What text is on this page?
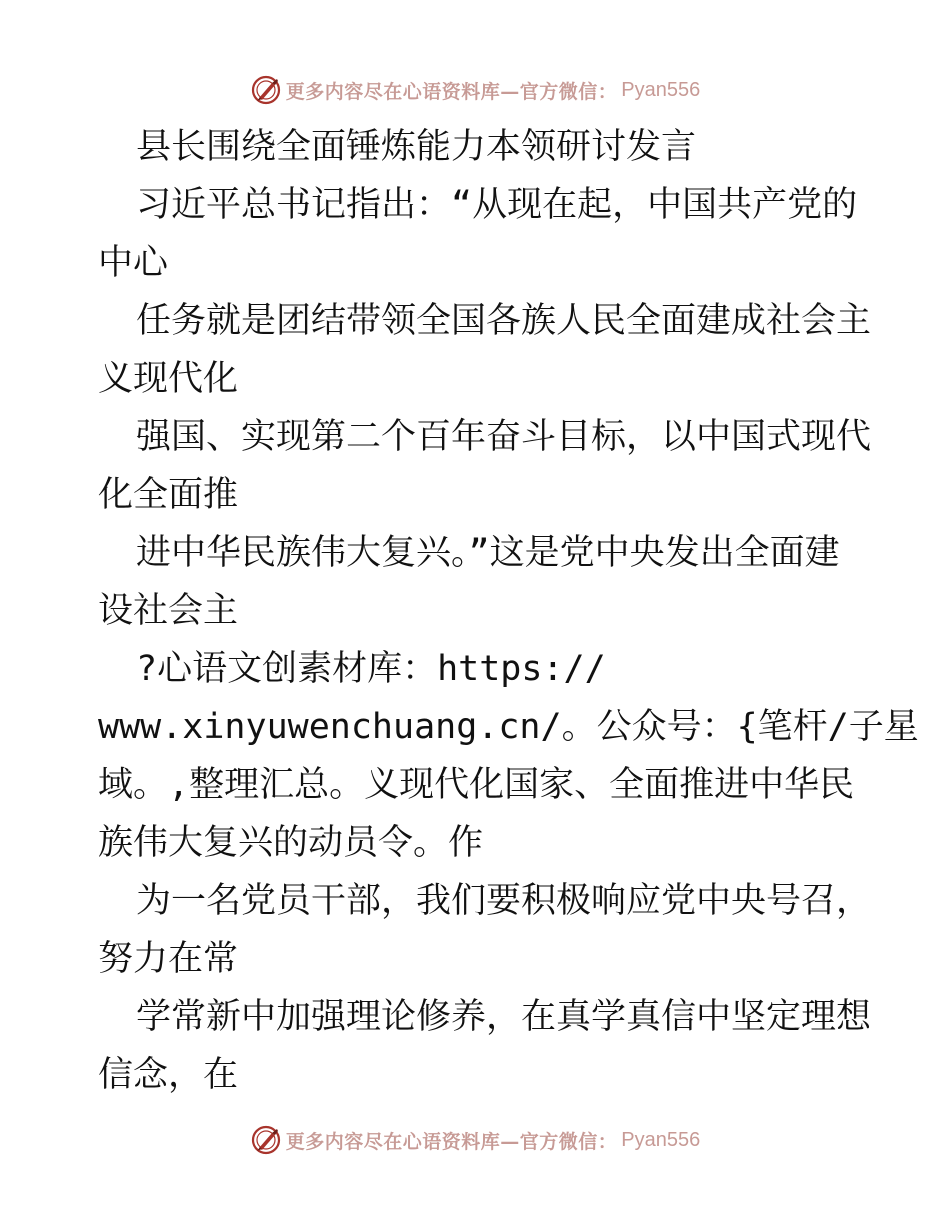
更多内容尽在心语资料库—官方微信： Pyan556
县长围绕全面锤炼能力本领研讨发言
习近平总书记指出：“从现在起，中国共产党的
中心
任务就是团结带领全国各族人民全面建成社会主
义现代化
强国、实现第二个百年奋斗目标，以中国式现代
化全面推
进中华民族伟大复兴。”这是党中央发出全面建
设社会主
?心语文创素材库：https://
www.xinyuwenchuang.cn/。公众号：{笔杆/子星
域。,整理汇总。义现代化国家、全面推进中华民
族伟大复兴的动员令。作
为一名党员干部，我们要积极响应党中央号召，
努力在常
学常新中加强理论修养，在真学真信中坚定理想
信念，在
更多内容尽在心语资料库—官方微信： Pyan556
